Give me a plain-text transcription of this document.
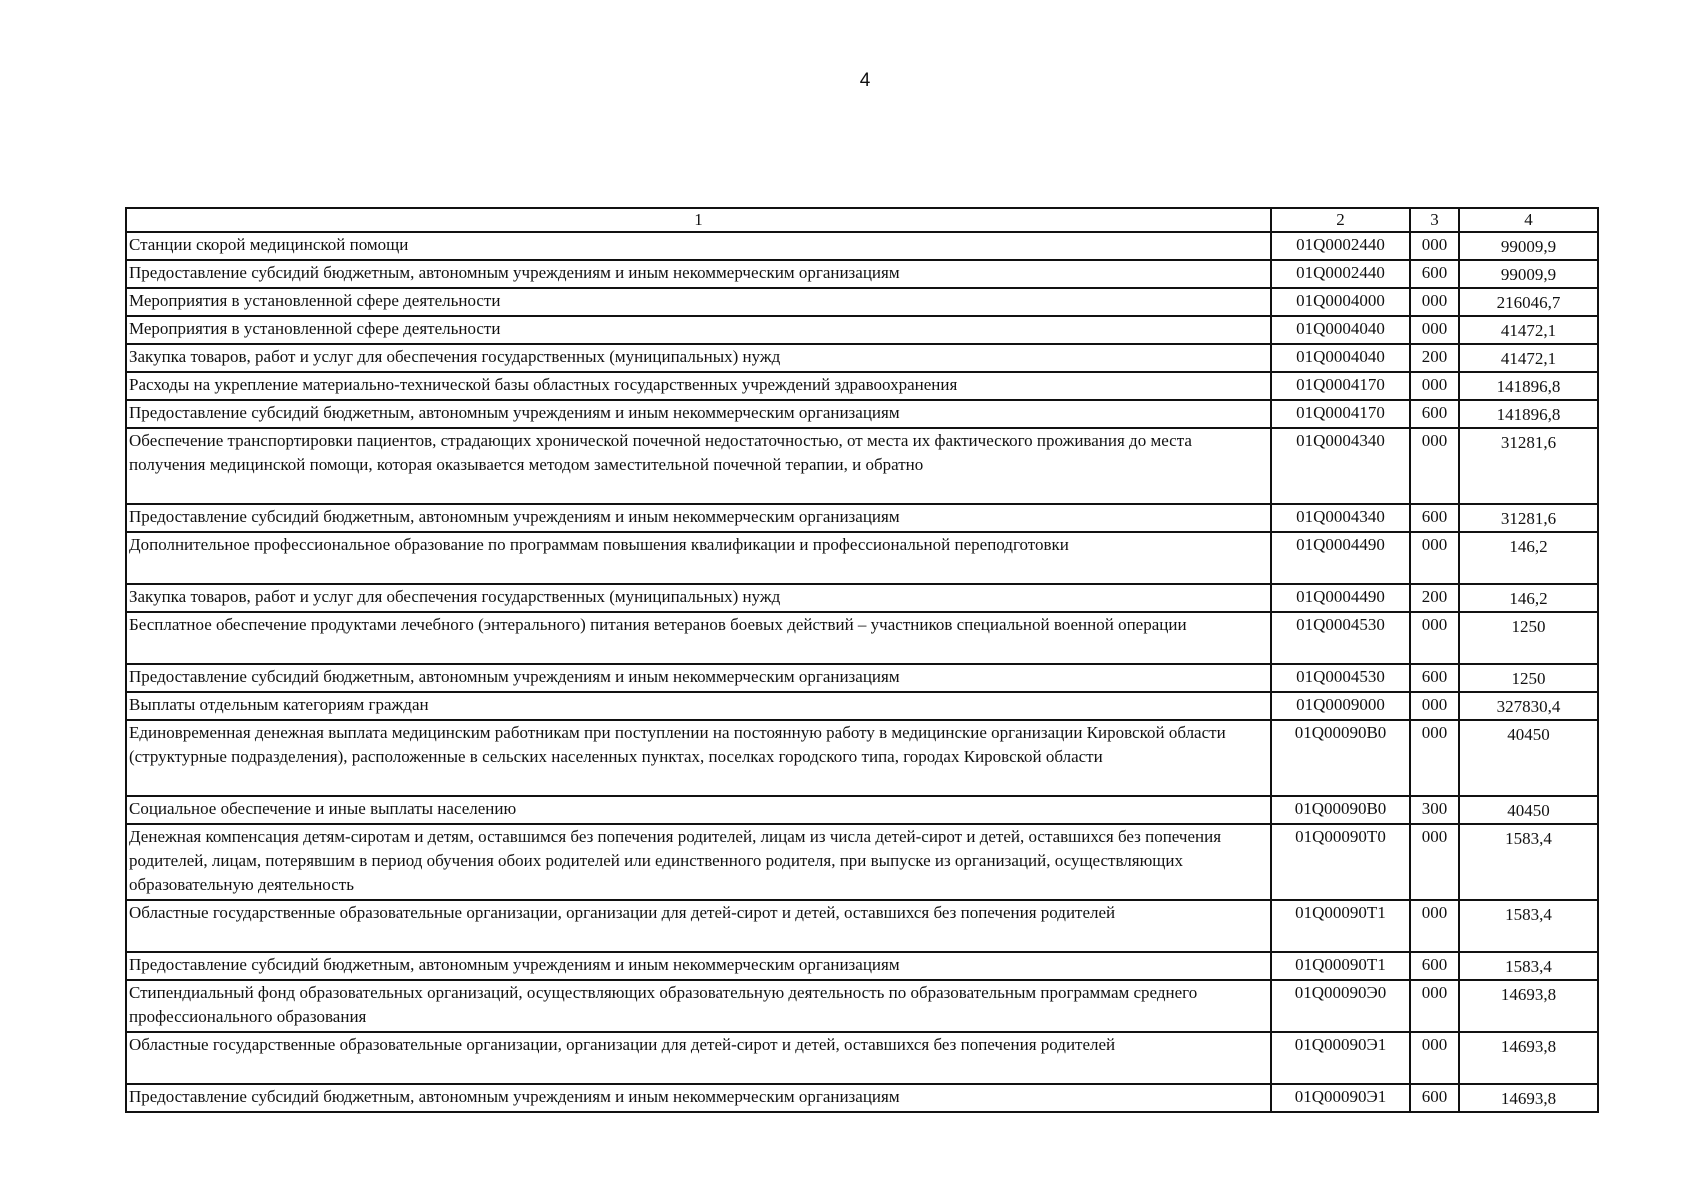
4
1	2	3	4
Станции скорой медицинской помощи	01Q0002440	000	99009,9
Предоставление субсидий бюджетным, автономным учреждениям и иным некоммерческим организациям	01Q0002440	600	99009,9
Мероприятия в установленной сфере деятельности	01Q0004000	000	216046,7
Мероприятия в установленной сфере деятельности	01Q0004040	000	41472,1
Закупка товаров, работ и услуг для обеспечения государственных (муниципальных) нужд	01Q0004040	200	41472,1
Расходы на укрепление материально-технической базы областных государственных учреждений здравоохранения	01Q0004170	000	141896,8
Предоставление субсидий бюджетным, автономным учреждениям и иным некоммерческим организациям	01Q0004170	600	141896,8
Обеспечение транспортировки пациентов, страдающих хронической почечной недостаточностью, от места их фактического проживания до места получения медицинской помощи, которая оказывается методом заместительной почечной терапии, и обратно	01Q0004340	000	31281,6
Предоставление субсидий бюджетным, автономным учреждениям и иным некоммерческим организациям	01Q0004340	600	31281,6
Дополнительное профессиональное образование по программам повышения квалификации и профессиональной переподготовки	01Q0004490	000	146,2
Закупка товаров, работ и услуг для обеспечения государственных (муниципальных) нужд	01Q0004490	200	146,2
Бесплатное обеспечение продуктами лечебного (энтерального) питания ветеранов боевых действий – участников специальной военной операции	01Q0004530	000	1250
Предоставление субсидий бюджетным, автономным учреждениям и иным некоммерческим организациям	01Q0004530	600	1250
Выплаты отдельным категориям граждан	01Q0009000	000	327830,4
Единовременная денежная выплата медицинским работникам при поступлении на постоянную работу в медицинские организации Кировской области (структурные подразделения), расположенные в сельских населенных пунктах, поселках городского типа, городах Кировской области	01Q00090B0	000	40450
Социальное обеспечение и иные выплаты населению	01Q00090B0	300	40450
Денежная компенсация детям-сиротам и детям, оставшимся без попечения родителей, лицам из числа детей-сирот и детей, оставшихся без попечения родителей, лицам, потерявшим в период обучения обоих родителей или единственного родителя, при выпуске из организаций, осуществляющих образовательную деятельность	01Q00090T0	000	1583,4
Областные государственные образовательные организации, организации для детей-сирот и детей, оставшихся без попечения родителей	01Q00090T1	000	1583,4
Предоставление субсидий бюджетным, автономным учреждениям и иным некоммерческим организациям	01Q00090T1	600	1583,4
Стипендиальный фонд образовательных организаций, осуществляющих образовательную деятельность по образовательным программам среднего профессионального образования	01Q00090Э0	000	14693,8
Областные государственные образовательные организации, организации для детей-сирот и детей, оставшихся без попечения родителей	01Q00090Э1	000	14693,8
Предоставление субсидий бюджетным, автономным учреждениям и иным некоммерческим организациям	01Q00090Э1	600	14693,8
